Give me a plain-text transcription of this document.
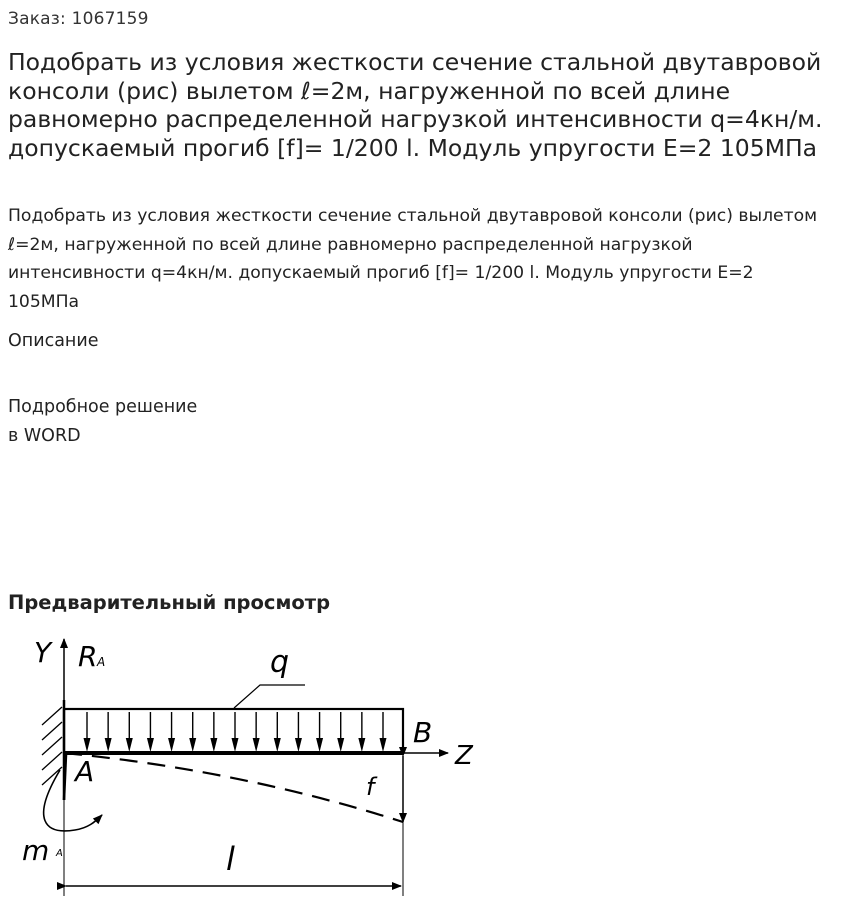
Заказ: 1067159
Подобрать из условия жесткости сечение стальной двутавровой консоли (рис) вылетом ℓ=2м, нагруженной по всей длине равномерно распределенной нагрузкой интенсивности q=4кн/м. допускаемый прогиб [f]= 1/200 l. Модуль упругости Е=2 105МПа

Подобрать из условия жесткости сечение стальной двутавровой консоли (рис) вылетом ℓ=2м, нагруженной по всей длине равномерно распределенной нагрузкой интенсивности q=4кн/м. допускаемый прогиб [f]= 1/200 l. Модуль упругости Е=2 105МПа

Описание
Подробное решение
в WORD
Предварительный просмотр
Y R A	q
B
Z
A	f
m A	l
